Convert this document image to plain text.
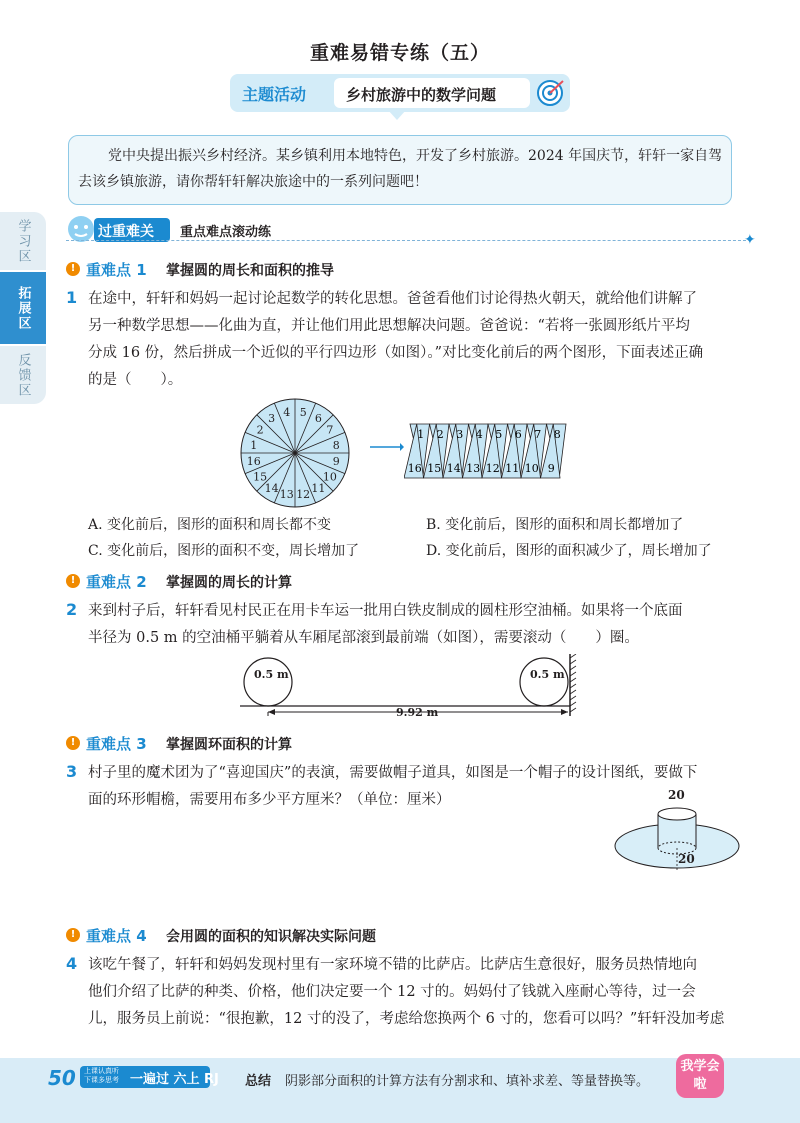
重难易错专练（五）
主题活动	乡村旅游中的数学问题
党中央提出振兴乡村经济。某乡镇利用本地特色，开发了乡村旅游。2024 年国庆节，轩轩一家自驾去该乡镇旅游，请你帮轩轩解决旅途中的一系列问题吧！
学习区
拓展区
反馈区
过重难关 重点难点滚动练	✦
! 重难点 1 掌握圆的周长和面积的推导
1 在途中，轩轩和妈妈一起讨论起数学的转化思想。爸爸看他们讨论得热火朝天，就给他们讲解了
另一种数学思想——化曲为直，并让他们用此思想解决问题。爸爸说：“若将一张圆形纸片平均
分成 16 份，然后拼成一个近似的平行四边形（如图）。”对比变化前后的两个图形，下面表述正确
的是（　　）。
1
2
3 4 5 6
7
8
9
10
11
12
13
14
15
16
1
16
2
15
3
14
4
13
5
12
6
11
7
10
8
9
A. 变化前后，图形的面积和周长都不变	B. 变化前后，图形的面积和周长都增加了
C. 变化前后，图形的面积不变，周长增加了	D. 变化前后，图形的面积减少了，周长增加了
! 重难点 2 掌握圆的周长的计算
2 来到村子后，轩轩看见村民正在用卡车运一批用白铁皮制成的圆柱形空油桶。如果将一个底面
半径为 0.5 m 的空油桶平躺着从车厢尾部滚到最前端（如图），需要滚动（　　）圈。
0.5 m	0.5 m
9.92 m
! 重难点 3 掌握圆环面积的计算
3 村子里的魔术团为了“喜迎国庆”的表演，需要做帽子道具，如图是一个帽子的设计图纸，要做下
面的环形帽檐，需要用布多少平方厘米？（单位：厘米）	20
20
! 重难点 4 会用圆的面积的知识解决实际问题
4 该吃午餐了，轩轩和妈妈发现村里有一家环境不错的比萨店。比萨店生意很好，服务员热情地向
他们介绍了比萨的种类、价格，他们决定要一个 12 寸的。妈妈付了钱就入座耐心等待，过一会
儿，服务员上前说：“很抱歉，12 寸的没了，考虑给您换两个 6 寸的，您看可以吗？”轩轩没加考虑
50 上课认真听 下课多思考 一遍过 六上 RJ 总结 阴影部分面积的计算方法有分割求和、填补求差、等量替换等。
我学会啦
